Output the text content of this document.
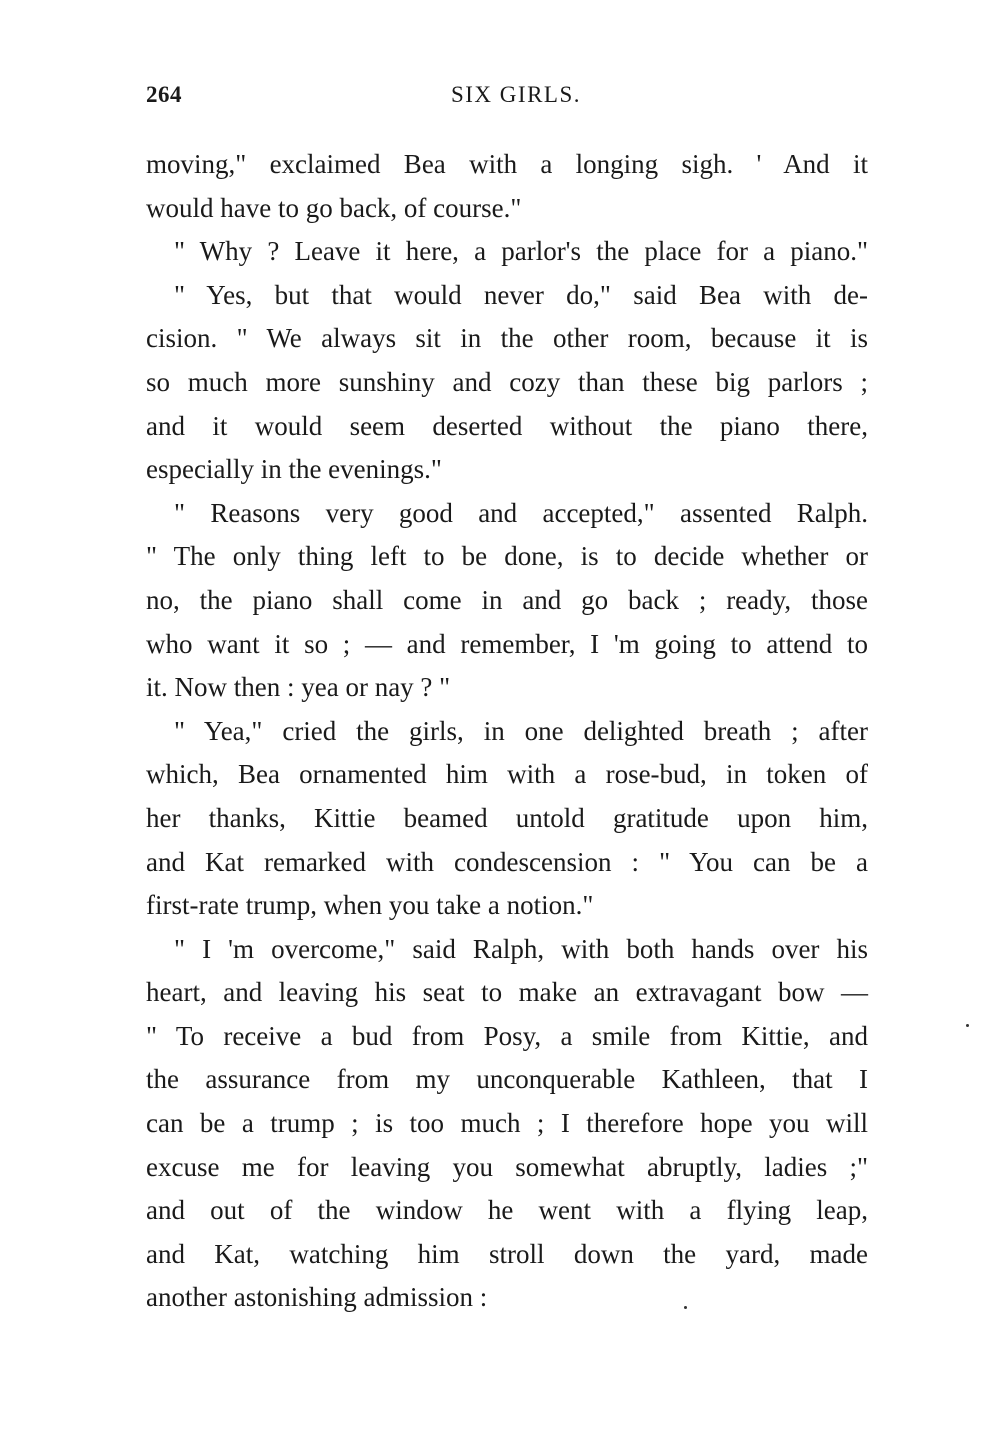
264	SIX GIRLS.
moving," exclaimed Bea with a longing sigh. ' And it
would have to go back, of course."
" Why ? Leave it here, a parlor's the place for a piano."
" Yes, but that would never do," said Bea with de-
cision. " We always sit in the other room, because it is
so much more sunshiny and cozy than these big parlors ;
and it would seem deserted without the piano there,
especially in the evenings."
" Reasons very good and accepted," assented Ralph.
" The only thing left to be done, is to decide whether or
no, the piano shall come in and go back ; ready, those
who want it so ; — and remember, I 'm going to attend to
it. Now then : yea or nay ? "
" Yea," cried the girls, in one delighted breath ; after
which, Bea ornamented him with a rose-bud, in token of
her thanks, Kittie beamed untold gratitude upon him,
and Kat remarked with condescension : " You can be a
first-rate trump, when you take a notion."
" I 'm overcome," said Ralph, with both hands over his
heart, and leaving his seat to make an extravagant bow —
" To receive a bud from Posy, a smile from Kittie, and
the assurance from my unconquerable Kathleen, that I
can be a trump ; is too much ; I therefore hope you will
excuse me for leaving you somewhat abruptly, ladies ;"
and out of the window he went with a flying leap,
and Kat, watching him stroll down the yard, made
another astonishing admission :
